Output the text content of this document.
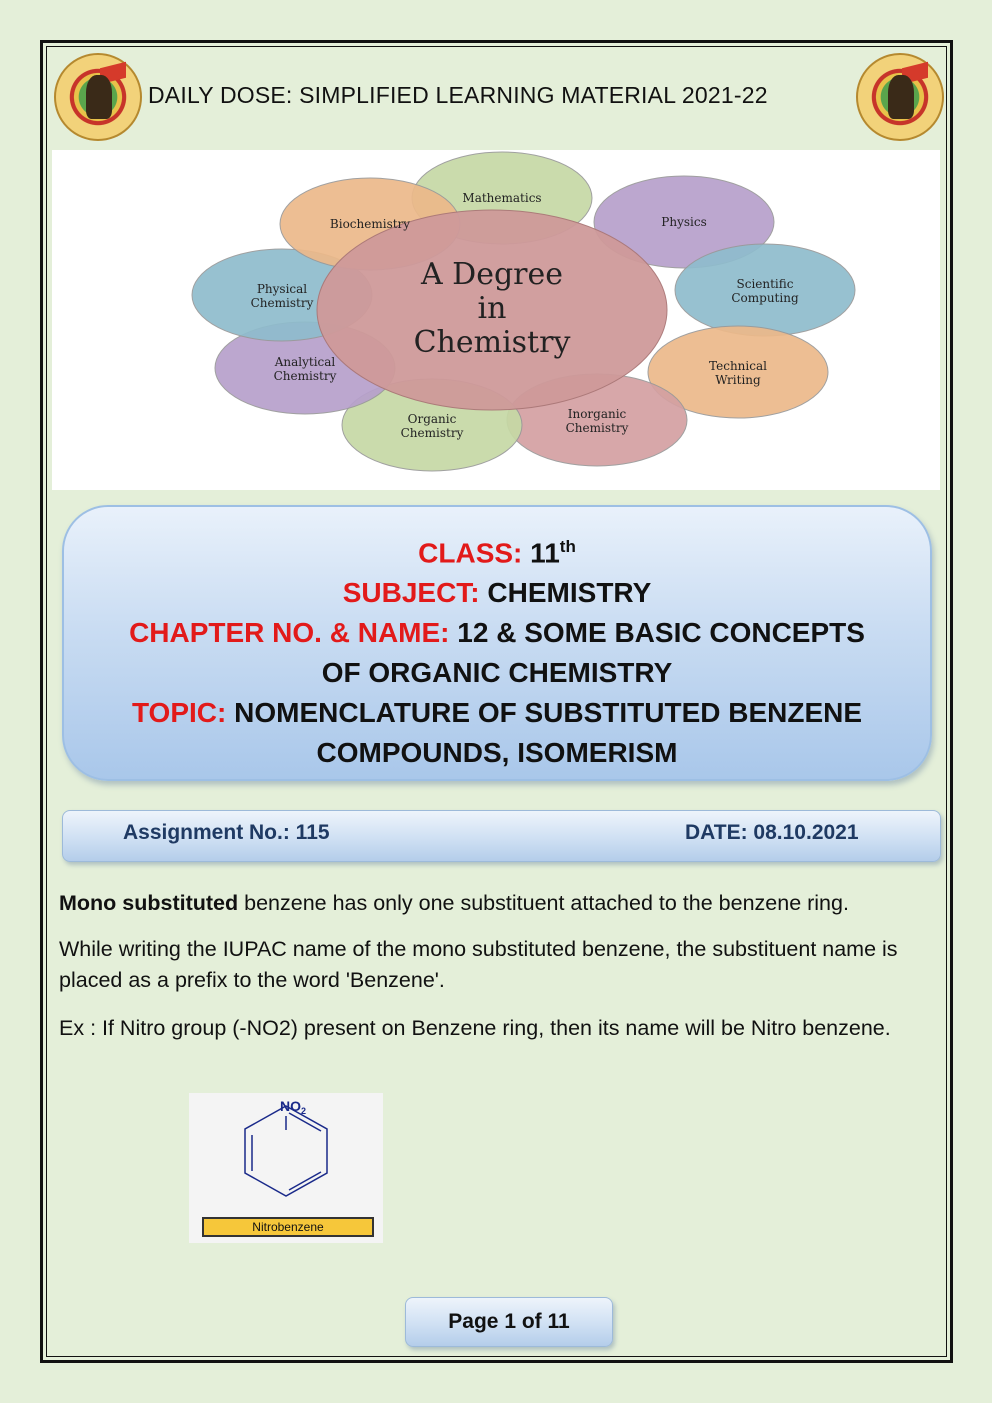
DAILY DOSE: SIMPLIFIED LEARNING MATERIAL 2021-22
Mathematics
Physics
Scientific
Computing
Technical
Writing
Inorganic
Chemistry
Organic
Chemistry
Analytical
Chemistry
Physical
Chemistry
Biochemistry
A Degree
in
Chemistry
CLASS: 11th
SUBJECT: CHEMISTRY
CHAPTER NO. & NAME: 12 & SOME BASIC CONCEPTS
OF ORGANIC CHEMISTRY
TOPIC: NOMENCLATURE OF SUBSTITUTED BENZENE
COMPOUNDS, ISOMERISM
Assignment No.: 115	DATE: 08.10.2021
Mono substituted benzene has only one substituent attached to the benzene ring.
While writing the IUPAC name of the mono substituted benzene, the substituent name is placed as a prefix to the word 'Benzene'.
Ex : If Nitro group (-NO2) present on Benzene ring, then its name will be Nitro benzene.
$NO_2$
Nitrobenzene
Page 1 of 11
